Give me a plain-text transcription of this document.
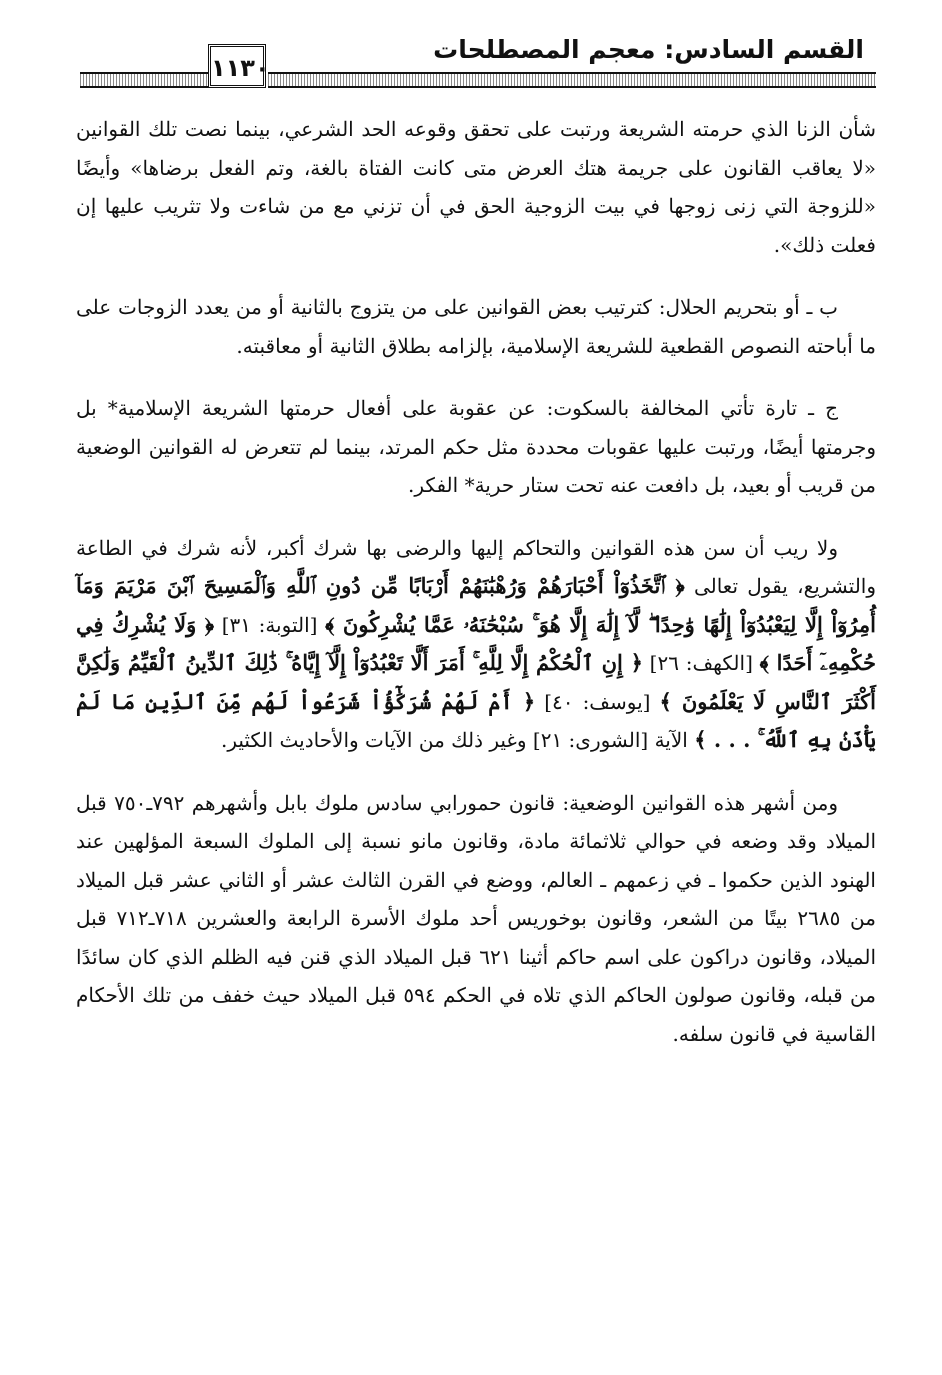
١١٣٠
القسم السادس: معجم المصطلحات

شأن الزنا الذي حرمته الشريعة ورتبت على تحقق وقوعه الحد الشرعي، بينما نصت تلك القوانين «لا يعاقب القانون على جريمة هتك العرض متى كانت الفتاة بالغة، وتم الفعل برضاها» وأيضًا «للزوجة التي زنى زوجها في بيت الزوجية الحق في أن تزني مع من شاءت ولا تثريب عليها إن فعلت ذلك».

ب ـ أو بتحريم الحلال: كترتيب بعض القوانين على من يتزوج بالثانية أو من يعدد الزوجات على ما أباحته النصوص القطعية للشريعة الإسلامية، بإلزامه بطلاق الثانية أو معاقبته.

ج ـ تارة تأتي المخالفة بالسكوت: عن عقوبة على أفعال حرمتها الشريعة الإسلامية* بل وجرمتها أيضًا، ورتبت عليها عقوبات محددة مثل حكم المرتد، بينما لم تتعرض له القوانين الوضعية من قريب أو بعيد، بل دافعت عنه تحت ستار حرية* الفكر.

ولا ريب أن سن هذه القوانين والتحاكم إليها والرضى بها شرك أكبر، لأنه شرك في الطاعة والتشريع، يقول تعالى ﴿ ٱتَّخَذُوٓاْ أَحْبَارَهُمْ وَرُهْبَٰنَهُمْ أَرْبَابًا مِّن دُونِ ٱللَّهِ وَٱلْمَسِيحَ ٱبْنَ مَرْيَمَ وَمَآ أُمِرُوٓاْ إِلَّا لِيَعْبُدُوٓاْ إِلَٰهًا وَٰحِدًا ۖ لَّآ إِلَٰهَ إِلَّا هُوَ ۚ سُبْحَٰنَهُۥ عَمَّا يُشْرِكُونَ ﴾ [التوبة: ٣١] ﴿ وَلَا يُشْرِكُ فِي حُكْمِهِۦٓ أَحَدًا ﴾ [الكهف: ٢٦] ﴿ إِنِ ٱلْحُكْمُ إِلَّا لِلَّهِ ۚ أَمَرَ أَلَّا تَعْبُدُوٓاْ إِلَّآ إِيَّاهُ ۚ ذَٰلِكَ ٱلدِّينُ ٱلْقَيِّمُ وَلَٰكِنَّ أَكْثَرَ ٱلنَّاسِ لَا يَعْلَمُونَ ﴾ [يوسف: ٤٠] ﴿ أَمْ لَهُمْ شُرَكَٰٓؤُاْ شَرَعُواْ لَهُم مِّنَ ٱلدِّينِ مَا لَمْ يَأْذَنۢ بِهِ ٱللَّهُ ۚ . . . ﴾ الآية [الشورى: ٢١] وغير ذلك من الآيات والأحاديث الكثير.

ومن أشهر هذه القوانين الوضعية: قانون حمورابي سادس ملوك بابل وأشهرهم ٧٩٢ـ٧٥٠ قبل الميلاد وقد وضعه في حوالي ثلاثمائة مادة، وقانون مانو نسبة إلى الملوك السبعة المؤلهين عند الهنود الذين حكموا ـ في زعمهم ـ العالم، ووضع في القرن الثالث عشر أو الثاني عشر قبل الميلاد من ٢٦٨٥ بيتًا من الشعر، وقانون بوخوريس أحد ملوك الأسرة الرابعة والعشرين ٧١٨ـ٧١٢ قبل الميلاد، وقانون دراكون على اسم حاكم أثينا ٦٢١ قبل الميلاد الذي قنن فيه الظلم الذي كان سائدًا من قبله، وقانون صولون الحاكم الذي تلاه في الحكم ٥٩٤ قبل الميلاد حيث خفف من تلك الأحكام القاسية في قانون سلفه.
